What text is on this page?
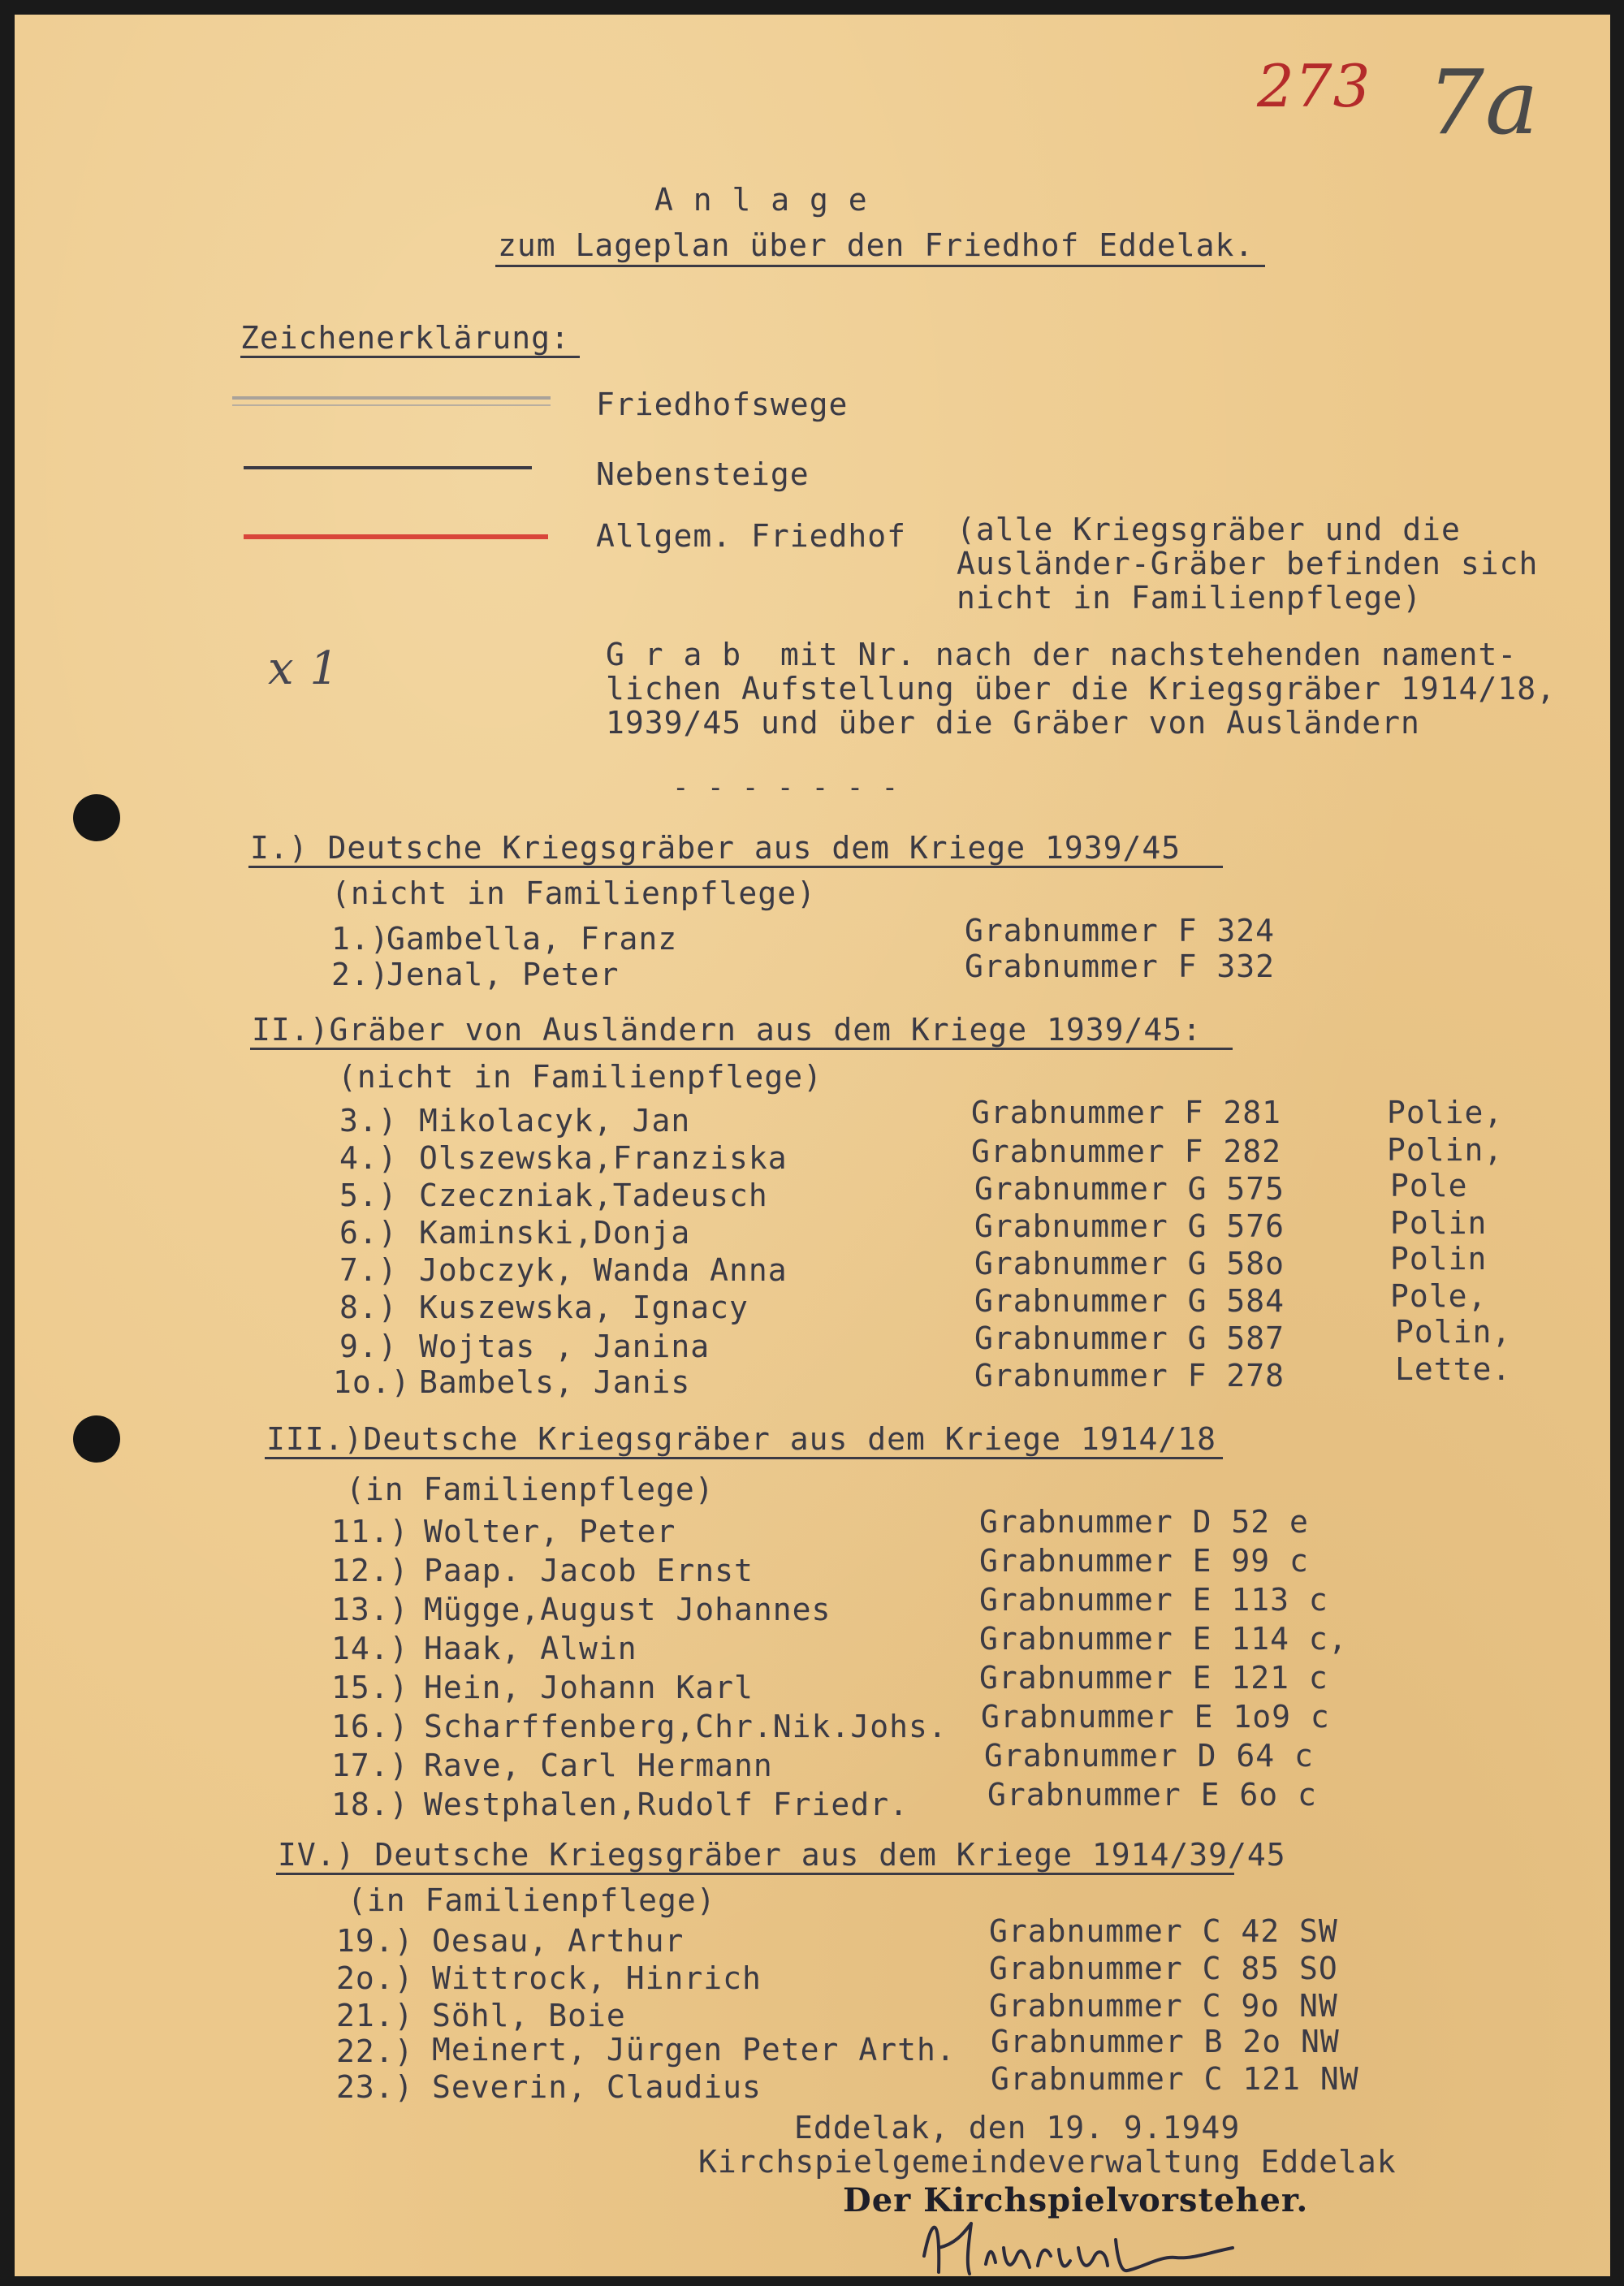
273 7a
A n l a g e
zum Lageplan über den Friedhof Eddelak.
Zeichenerklärung:
Friedhofswege
Nebensteige
Allgem. Friedhof (alle Kriegsgräber und die
Ausländer-Gräber befinden sich
nicht in Familienpflege)
x 1	G r a b  mit Nr. nach der nachstehenden nament-
lichen Aufstellung über die Kriegsgräber 1914/18,
1939/45 und über die Gräber von Ausländern
- - - - - - -
I.) Deutsche Kriegsgräber aus dem Kriege 1939/45
(nicht in Familienpflege)
1.)
Gambella, Franz	Grabnummer F 324
2.)
Jenal, Peter	Grabnummer F 332
II.)Gräber von Ausländern aus dem Kriege 1939/45:
(nicht in Familienpflege)
3.) Mikolacyk, Jan	Grabnummer F 281	Polie,
4.) Olszewska,Franziska	Grabnummer F 282	Polin,
5.) Czeczniak,Tadeusch	Grabnummer G 575	Pole
6.) Kaminski,Donja	Grabnummer G 576	Polin
7.) Jobczyk, Wanda Anna	Grabnummer G 58o	Polin
8.) Kuszewska, Ignacy	Grabnummer G 584	Pole,
9.) Wojtas , Janina	Grabnummer G 587	Polin,
1o.) Bambels, Janis	Grabnummer F 278	Lette.
III.)Deutsche Kriegsgräber aus dem Kriege 1914/18
(in Familienpflege)
11.) Wolter, Peter	Grabnummer D 52 e
12.) Paap. Jacob Ernst	Grabnummer E 99 c
13.) Mügge,August Johannes	Grabnummer E 113 c
14.) Haak, Alwin	Grabnummer E 114 c,
15.) Hein, Johann Karl	Grabnummer E 121 c
16.) Scharffenberg,Chr.Nik.Johs. Grabnummer E 1o9 c
17.) Rave, Carl Hermann	Grabnummer D 64 c
18.) Westphalen,Rudolf Friedr.	Grabnummer E 6o c
IV.) Deutsche Kriegsgräber aus dem Kriege 1914/39/45
(in Familienpflege)
19.) Oesau, Arthur	Grabnummer C 42 SW
2o.) Wittrock, Hinrich	Grabnummer C 85 SO
21.) Söhl, Boie	Grabnummer C 9o NW
22.) Meinert, Jürgen Peter Arth. Grabnummer B 2o NW
23.) Severin, Claudius	Grabnummer C 121 NW
Eddelak, den 19. 9.1949
Kirchspielgemeindeverwaltung Eddelak
Der Kirchspielvorsteher.
